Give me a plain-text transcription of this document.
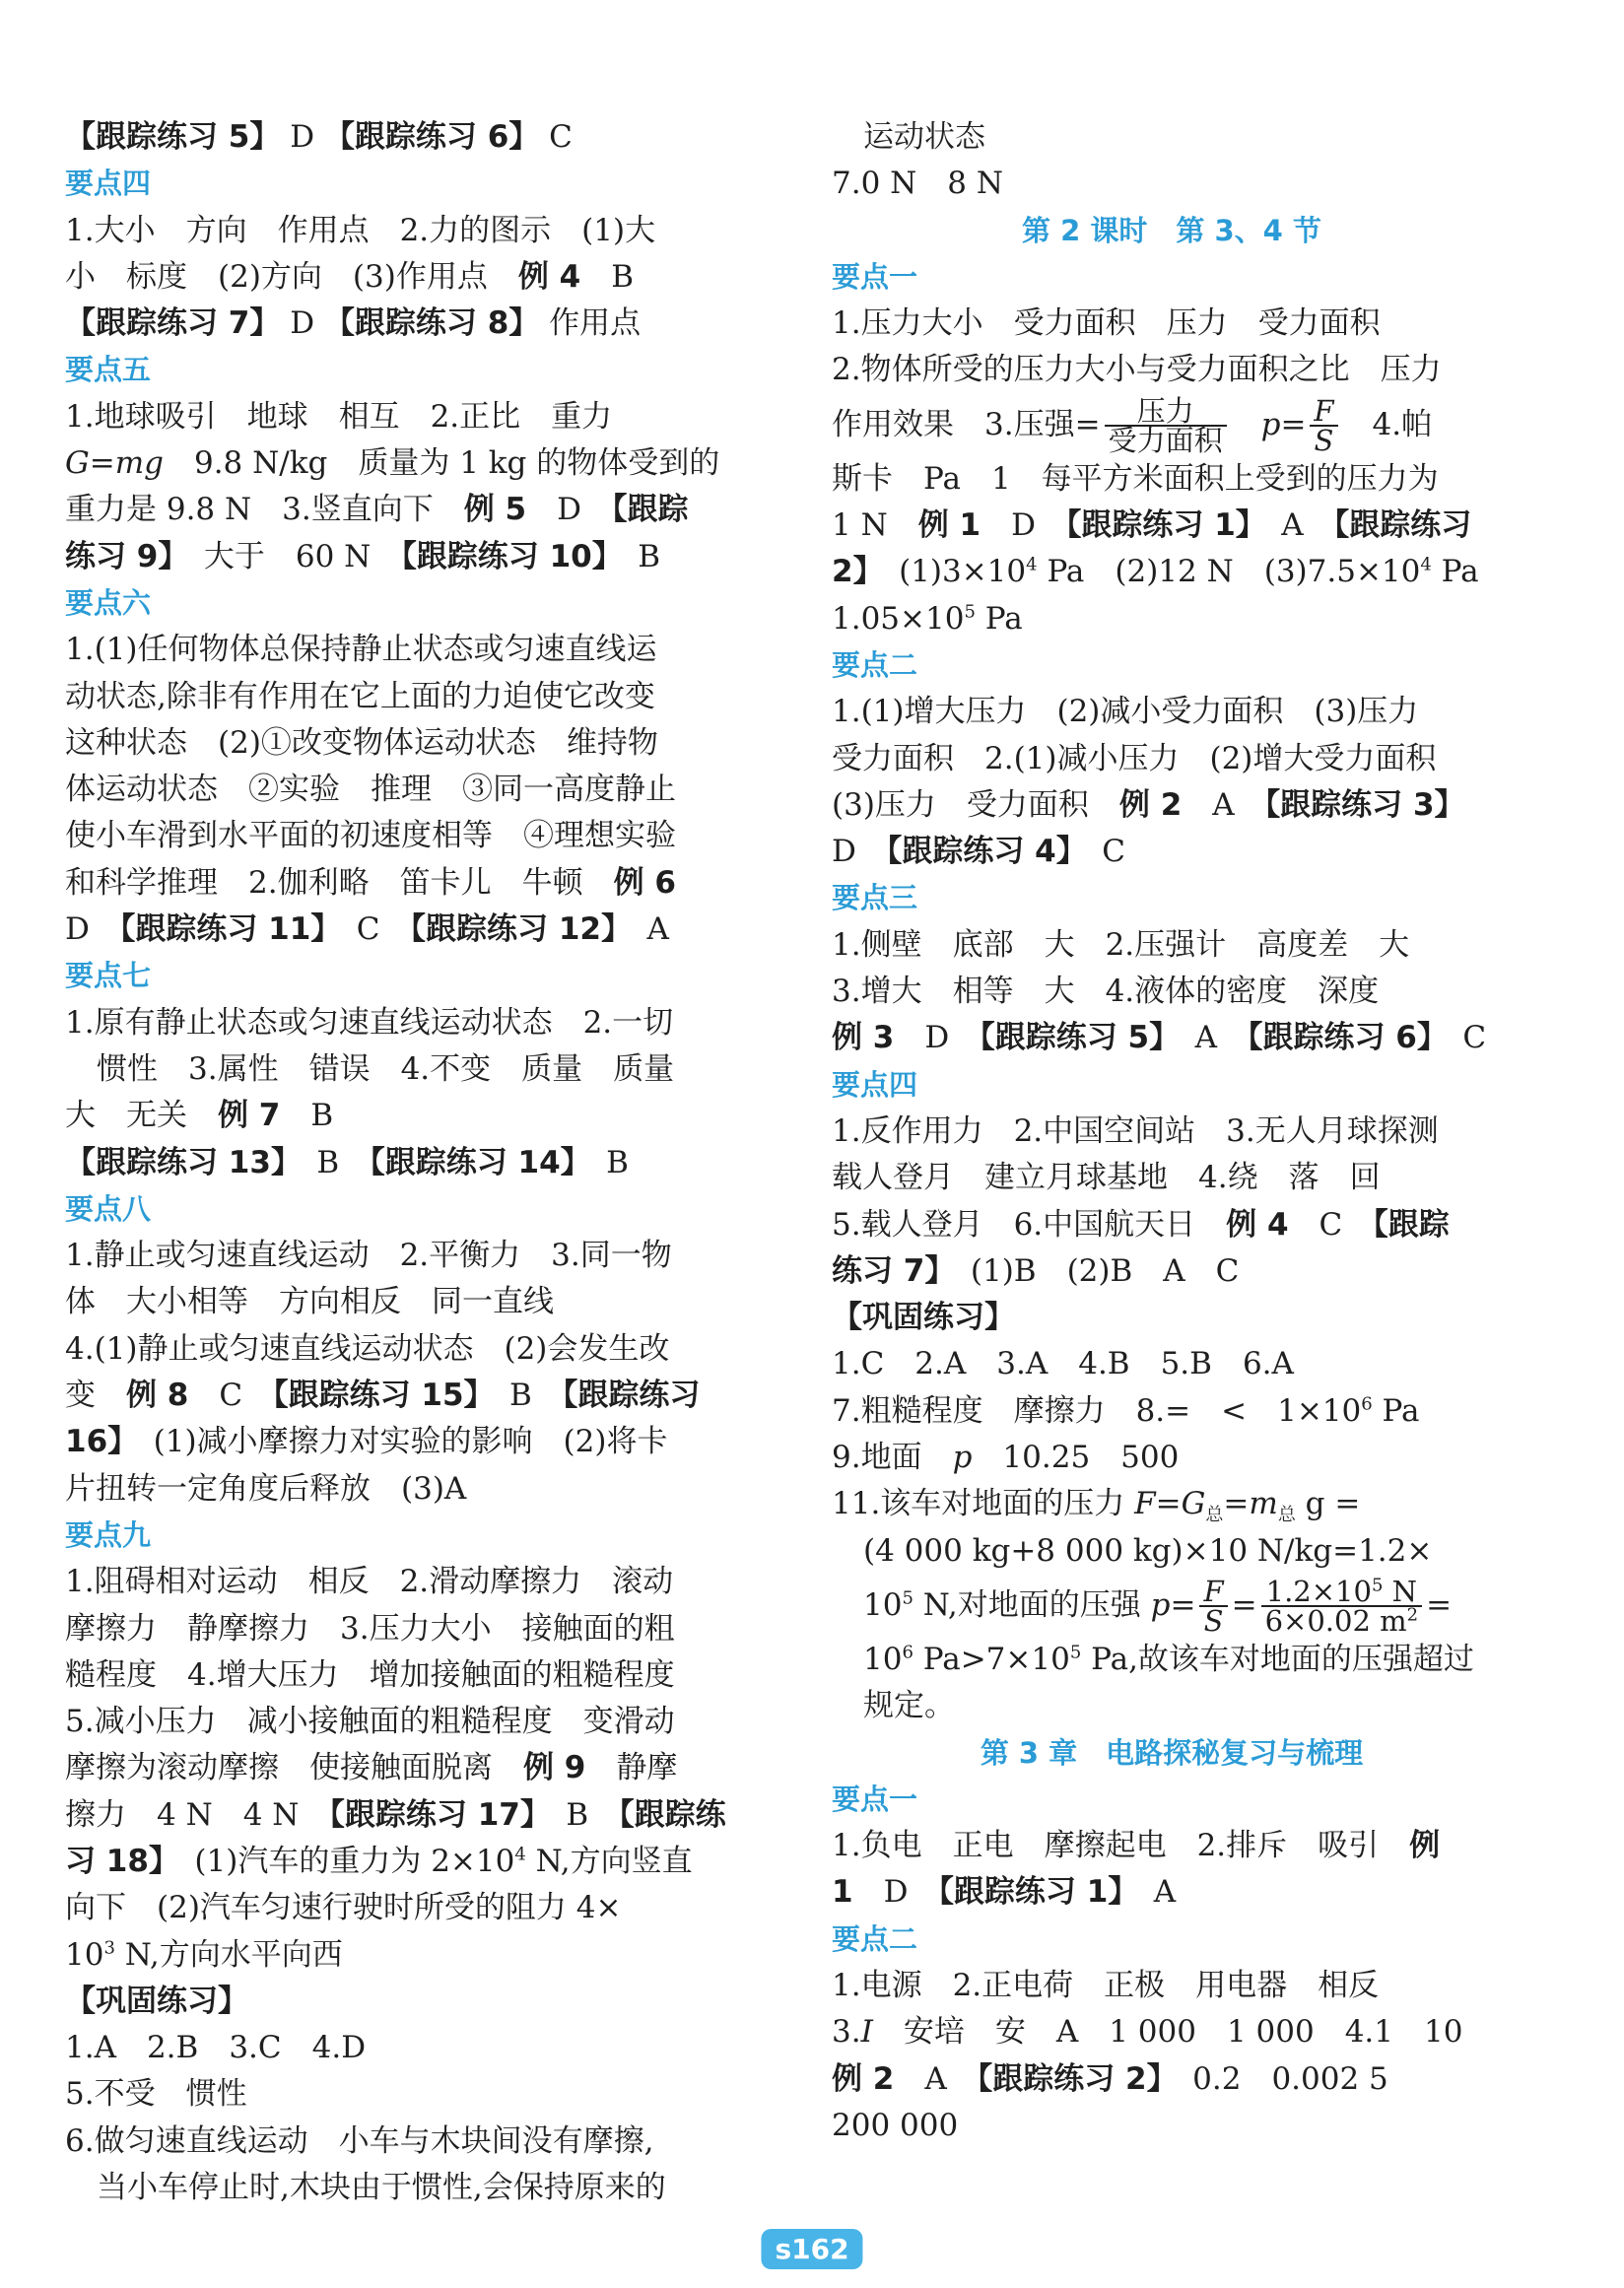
【跟踪练习 5】 D 【跟踪练习 6】 C
要点四
1.大小　方向　作用点　2.力的图示　(1)大
小　标度　(2)方向　(3)作用点　例 4　B
【跟踪练习 7】 D 【跟踪练习 8】 作用点
要点五
1.地球吸引　地球　相互　2.正比　重力
G=mg　9.8 N/kg　质量为 1 kg 的物体受到的
重力是 9.8 N　3.竖直向下　例 5　D　【跟踪
练习 9】　大于　60 N　【跟踪练习 10】　B
要点六
1.(1)任何物体总保持静止状态或匀速直线运
动状态,除非有作用在它上面的力迫使它改变
这种状态　(2)①改变物体运动状态　维持物
体运动状态　②实验　推理　③同一高度静止
使小车滑到水平面的初速度相等　④理想实验
和科学推理　2.伽利略　笛卡儿　牛顿　例 6
D　【跟踪练习 11】　C　【跟踪练习 12】　A
要点七
1.原有静止状态或匀速直线运动状态　2.一切
惯性　3.属性　错误　4.不变　质量　质量
大　无关　例 7　B
【跟踪练习 13】　B　【跟踪练习 14】　B
要点八
1.静止或匀速直线运动　2.平衡力　3.同一物
体　大小相等　方向相反　同一直线
4.(1)静止或匀速直线运动状态　(2)会发生改
变　例 8　C　【跟踪练习 15】　B　【跟踪练习
16】　(1)减小摩擦力对实验的影响　(2)将卡
片扭转一定角度后释放　(3)A
要点九
1.阻碍相对运动　相反　2.滑动摩擦力　滚动
摩擦力　静摩擦力　3.压力大小　接触面的粗
糙程度　4.增大压力　增加接触面的粗糙程度
5.减小压力　减小接触面的粗糙程度　变滑动
摩擦为滚动摩擦　使接触面脱离　例 9　静摩
擦力　4 N　4 N　【跟踪练习 17】　B　【跟踪练
习 18】　(1)汽车的重力为 $2\times 10^4$ N,方向竖直
向下　(2)汽车匀速行驶时所受的阻力 4×
$10^3$ N,方向水平向西
【巩固练习】
1.A　2.B　3.C　4.D
5.不受　惯性
6.做匀速直线运动　小车与木块间没有摩擦,
当小车停止时,木块由于惯性,会保持原来的
运动状态
7.0 N　8 N
第 2 课时　第 3、4 节
要点一
1.压力大小　受力面积　压力　受力面积
2.物体所受的压力大小与受力面积之比　压力
作用效果　3.压强= $\frac{\text{压力}}{\text{受力面积}}$
　 $p= \frac{F}{S}$ 　4.帕
斯卡　Pa　1　每平方米面积上受到的压力为
1 N　例 1　D　【跟踪练习 1】　A　【跟踪练习
2】　$(1)3\times 10^4$ Pa　(2)12 N　$(3)7.5\times 10^4$ Pa
$1.05\times 10^5$ Pa
要点二
1.(1)增大压力　(2)减小受力面积　(3)压力
受力面积　2.(1)减小压力　(2)增大受力面积
(3)压力　受力面积　例 2　A　【跟踪练习 3】
D　【跟踪练习 4】　C
要点三
1.侧壁　底部　大　2.压强计　高度差　大
3.增大　相等　大　4.液体的密度　深度
例 3　D　【跟踪练习 5】　A　【跟踪练习 6】　C
要点四
1.反作用力　2.中国空间站　3.无人月球探测
载人登月　建立月球基地　4.绕　落　回
5.载人登月　6.中国航天日　例 4　C　【跟踪
练习 7】　(1)B　(2)B　A　C
【巩固练习】
1.C　2.A　3.A　4.B　5.B　6.A
7.粗糙程度　摩擦力　8.=　<　$1\times 10^6$ Pa
9.地面　p　10.25　500
11.该车对地面的压力 $F=G_总=m_总$ g =
(4 000 kg+8 000 kg)×10 N/kg=1.2×
$10^5$ N,对地面的压强 $p= \frac{F}{S} = \frac{1.2\times 10^5 N}{6\times 0.02 m^2}$ =
$10^6$ $Pa>7\times 10^5$ Pa,故该车对地面的压强超过
规定。
第 3 章　电路探秘复习与梳理
要点一
1.负电　正电　摩擦起电　2.排斥　吸引　例
1　D　【跟踪练习 1】　A
要点二
1.电源　2.正电荷　正极　用电器　相反
3.I　安培　安　A　1 000　1 000　4.1　10
例 2　A　【跟踪练习 2】　0.2　0.002 5
200 000
s162
